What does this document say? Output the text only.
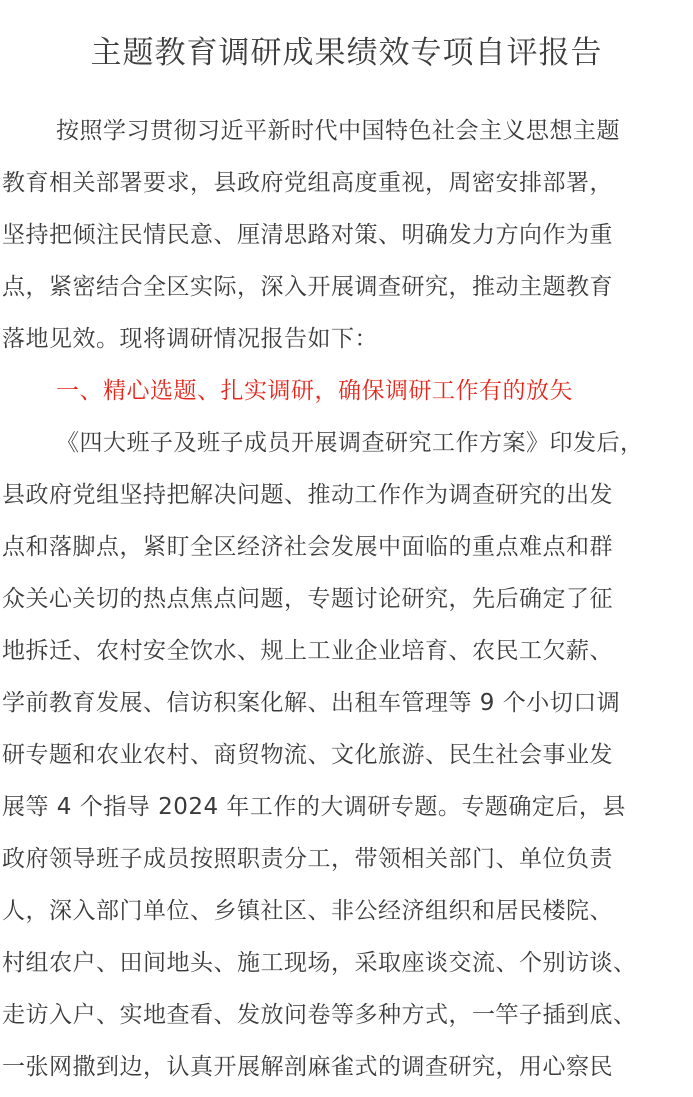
主题教育调研成果绩效专项自评报告
按照学习贯彻习近平新时代中国特色社会主义思想主题
教育相关部署要求，县政府党组高度重视，周密安排部署，
坚持把倾注民情民意、厘清思路对策、明确发力方向作为重
点，紧密结合全区实际，深入开展调查研究，推动主题教育
落地见效。现将调研情况报告如下：
一、精心选题、扎实调研，确保调研工作有的放矢
《四大班子及班子成员开展调查研究工作方案》印发后，
县政府党组坚持把解决问题、推动工作作为调查研究的出发
点和落脚点，紧盯全区经济社会发展中面临的重点难点和群
众关心关切的热点焦点问题，专题讨论研究，先后确定了征
地拆迁、农村安全饮水、规上工业企业培育、农民工欠薪、
学前教育发展、信访积案化解、出租车管理等 9 个小切口调
研专题和农业农村、商贸物流、文化旅游、民生社会事业发
展等 4 个指导 2024 年工作的大调研专题。专题确定后，县
政府领导班子成员按照职责分工，带领相关部门、单位负责
人，深入部门单位、乡镇社区、非公经济组织和居民楼院、
村组农户、田间地头、施工现场，采取座谈交流、个别访谈、
走访入户、实地查看、发放问卷等多种方式，一竿子插到底、
一张网撒到边，认真开展解剖麻雀式的调查研究，用心察民
